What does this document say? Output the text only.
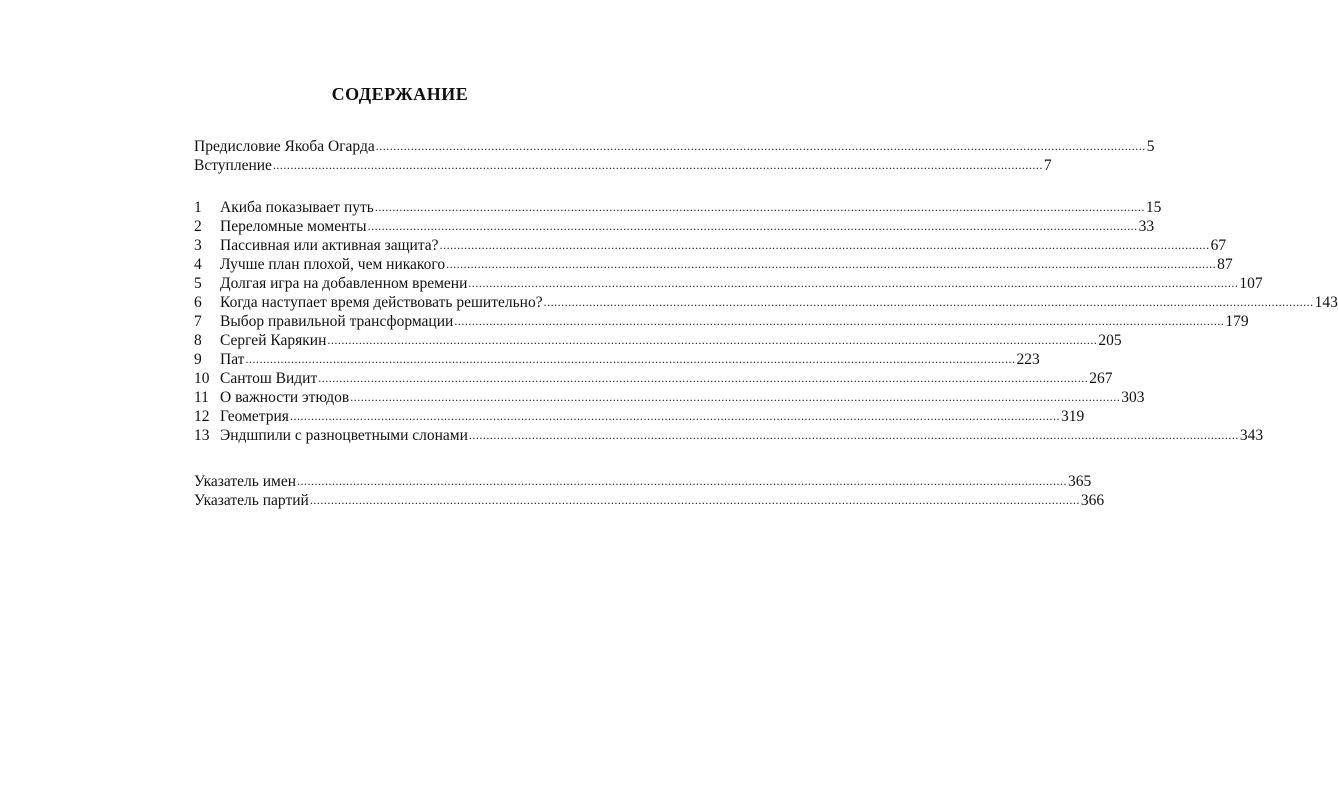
СОДЕРЖАНИЕ
Предисловие Якоба Огарда ............................................................................................................................................................................................................................ 5
Вступление ............................................................................................................................................................................................................................ 7
1	Акиба показывает путь ............................................................................................................................................................................................................................ 15
2	Переломные моменты ............................................................................................................................................................................................................................ 33
3	Пассивная или активная защита? ............................................................................................................................................................................................................................ 67
4	Лучше план плохой, чем никакого ............................................................................................................................................................................................................................ 87
5	Долгая игра на добавленном времени ............................................................................................................................................................................................................................ 107
6	Когда наступает время действовать решительно? ............................................................................................................................................................................................................................ 143
7	Выбор правильной трансформации ............................................................................................................................................................................................................................ 179
8	Сергей Карякин ............................................................................................................................................................................................................................ 205
9	Пат ............................................................................................................................................................................................................................ 223
10 Сантош Видит ............................................................................................................................................................................................................................ 267
11 О важности этюдов ............................................................................................................................................................................................................................ 303
12 Геометрия ............................................................................................................................................................................................................................ 319
13 Эндшпили с разноцветными слонами ............................................................................................................................................................................................................................ 343
Указатель имен ............................................................................................................................................................................................................................ 365
Указатель партий ............................................................................................................................................................................................................................ 366
